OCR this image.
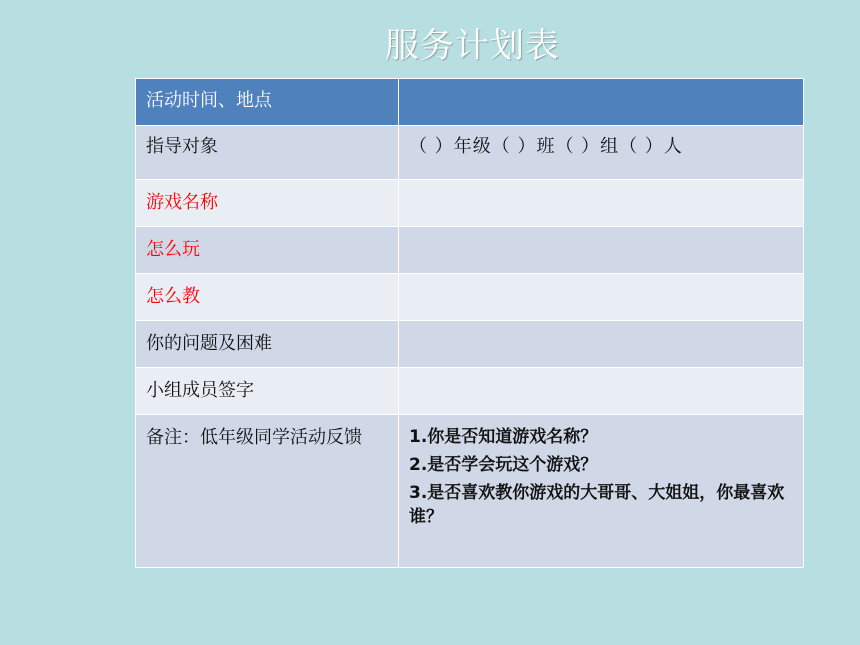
服务计划表
活动时间、地点	
指导对象	（ ）年级（ ）班（ ）组（ ）人
游戏名称	
怎么玩	
怎么教	
你的问题及困难	
小组成员签字	
备注：低年级同学活动反馈	1.你是否知道游戏名称？
2.是否学会玩这个游戏？
3.是否喜欢教你游戏的大哥哥、大姐姐，你最喜欢谁？
